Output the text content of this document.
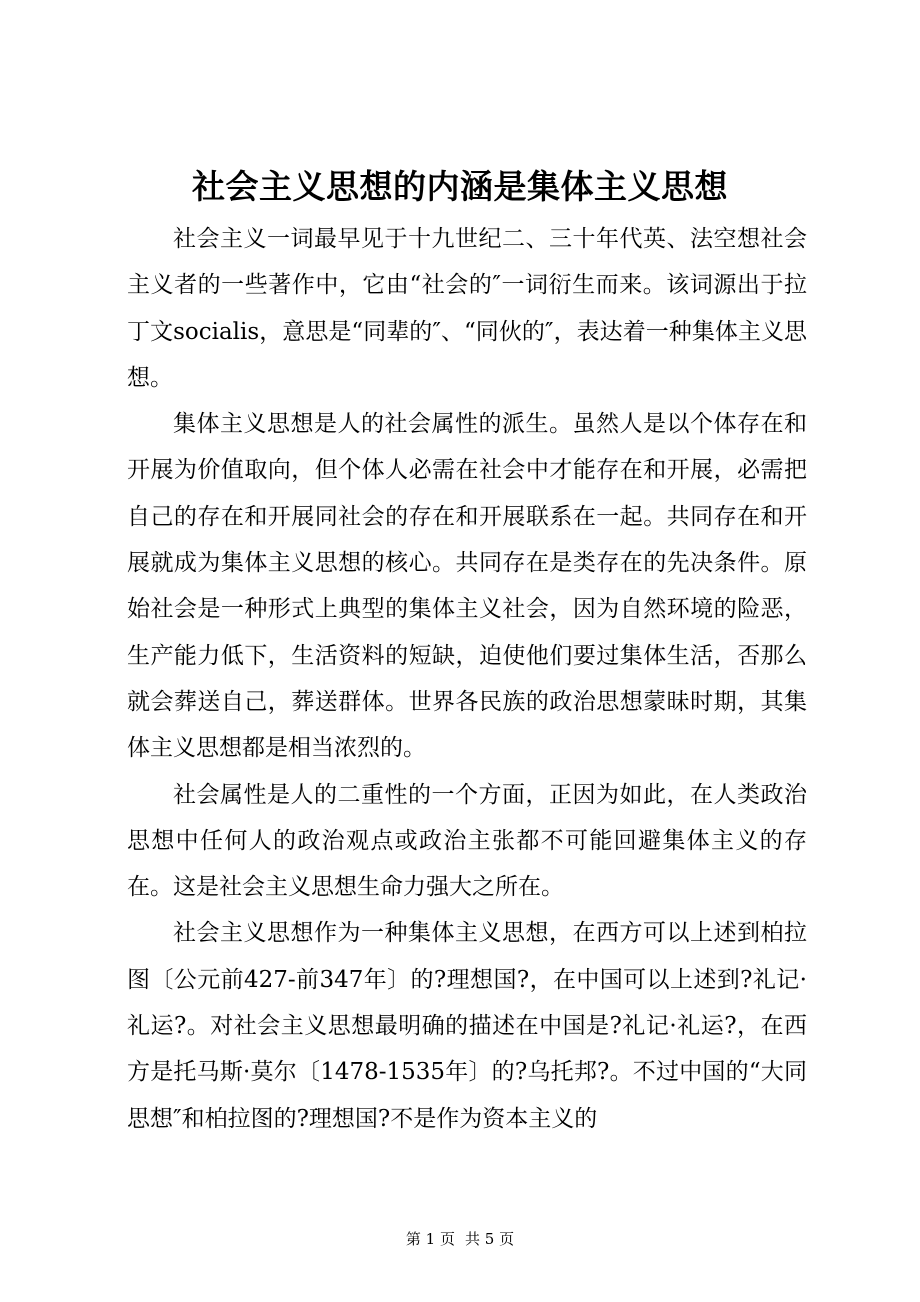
社会主义思想的内涵是集体主义思想

社会主义一词最早见于十九世纪二、三十年代英、法空想社会主义者的一些著作中，它由“社会的″一词衍生而来。该词源出于拉丁文socialis，意思是“同辈的″、“同伙的″，表达着一种集体主义思想。

集体主义思想是人的社会属性的派生。虽然人是以个体存在和开展为价值取向，但个体人必需在社会中才能存在和开展，必需把自己的存在和开展同社会的存在和开展联系在一起。共同存在和开展就成为集体主义思想的核心。共同存在是类存在的先决条件。原始社会是一种形式上典型的集体主义社会，因为自然环境的险恶，生产能力低下，生活资料的短缺，迫使他们要过集体生活，否那么就会葬送自己，葬送群体。世界各民族的政治思想蒙昧时期，其集体主义思想都是相当浓烈的。

社会属性是人的二重性的一个方面，正因为如此，在人类政治思想中任何人的政治观点或政治主张都不可能回避集体主义的存在。这是社会主义思想生命力强大之所在。

社会主义思想作为一种集体主义思想，在西方可以上述到柏拉图〔公元前427-前347年〕的?理想国?，在中国可以上述到?礼记·礼运?。对社会主义思想最明确的描述在中国是?礼记·礼运?，在西方是托马斯·莫尔〔1478-1535年〕的?乌托邦?。不过中国的“大同思想″和柏拉图的?理想国?不是作为资本主义的

第 1 页 共 5 页
